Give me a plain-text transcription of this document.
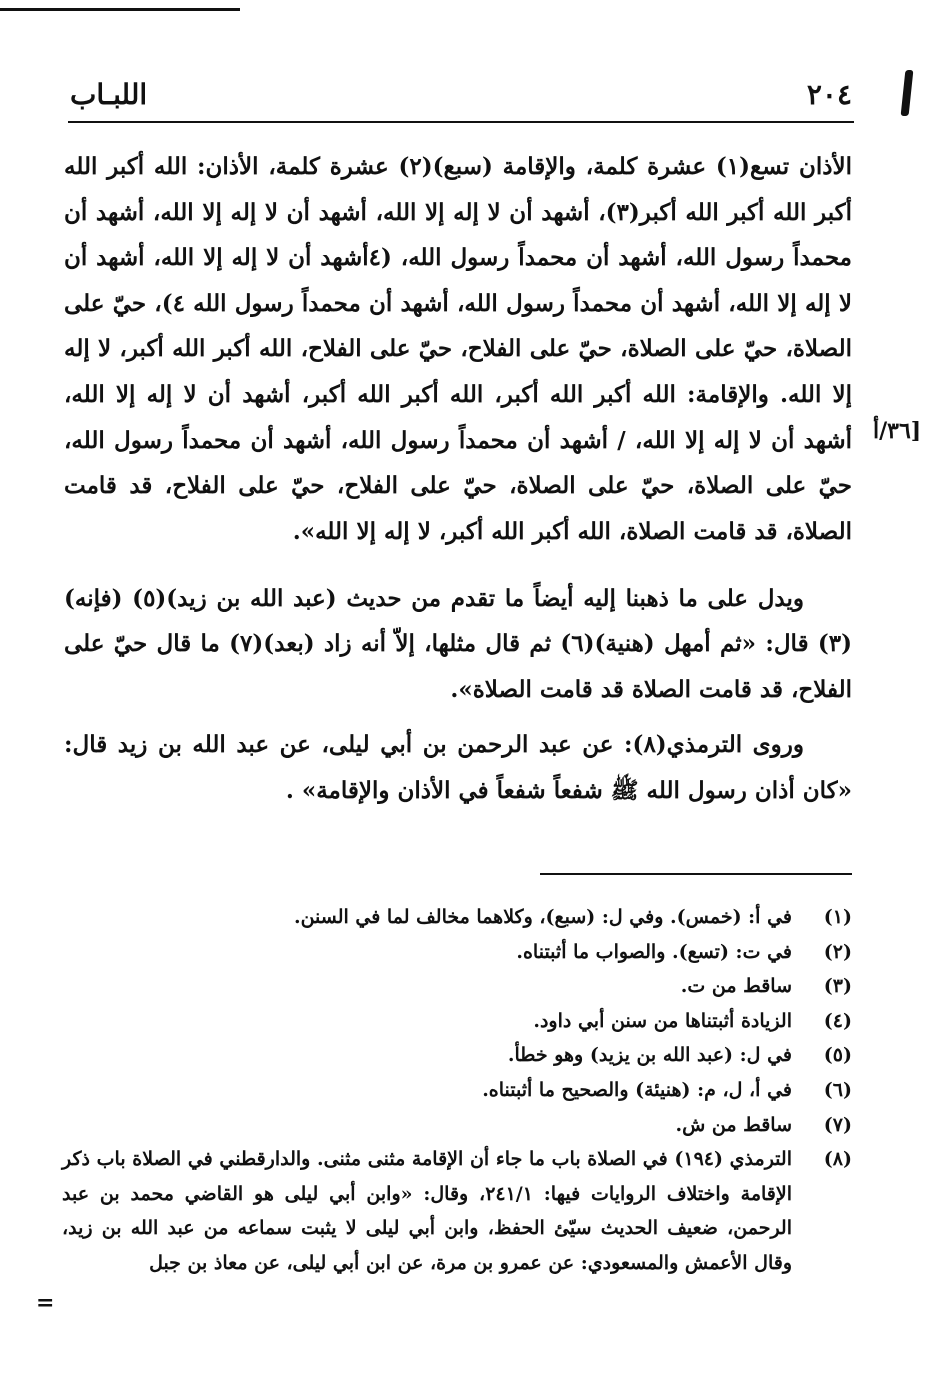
اللبـاب	٢٠٤

الأذان تسع(١) عشرة كلمة، والإقامة (سبع)(٢) عشرة كلمة، الأذان: الله أكبر الله أكبر الله أكبر الله أكبر(٣)، أشهد أن لا إله إلا الله، أشهد أن لا إله إلا الله، أشهد أن محمداً رسول الله، أشهد أن محمداً رسول الله، (٤أشهد أن لا إله إلا الله، أشهد أن لا إله إلا الله، أشهد أن محمداً رسول الله، أشهد أن محمداً رسول الله ٤)، حيّ على الصلاة، حيّ على الصلاة، حيّ على الفلاح، حيّ على الفلاح، الله أكبر الله أكبر، لا إله إلا الله. والإقامة: الله أكبر الله أكبر، الله أكبر الله أكبر، أشهد أن لا إله إلا الله، أشهد أن لا إله إلا الله، / أشهد أن محمداً رسول الله، أشهد أن محمداً رسول الله، حيّ على الصلاة، حيّ على الصلاة، حيّ على الفلاح، حيّ على الفلاح، قد قامت الصلاة، قد قامت الصلاة، الله أكبر الله أكبر، لا إله إلا الله».

٣٦/أ]
ويدل على ما ذهبنا إليه أيضاً ما تقدم من حديث (عبد الله بن زيد)(٥) (فإنه)(٣) قال: «ثم أمهل (هنية)(٦) ثم قال مثلها، إلاّ أنه زاد (بعد)(٧) ما قال حيّ على الفلاح، قد قامت الصلاة قد قامت الصلاة».
وروى الترمذي(٨): عن عبد الرحمن بن أبي ليلى، عن عبد الله بن زيد قال: «كان أذان رسول الله ﷺ شفعاً شفعاً في الأذان والإقامة» .
(١)
في أ: (خمس). وفي ل: (سبع)، وكلاهما مخالف لما في السنن.
(٢)
في ت: (تسع). والصواب ما أثبتناه.
(٣)
ساقط من ت.
(٤)
الزيادة أثبتناها من سنن أبي داود.
(٥)
في ل: (عبد الله بن يزيد) وهو خطأ.
(٦)
في أ، ل، م: (هنيئة) والصحيح ما أثبتناه.
(٧)
ساقط من ش.
(٨)
الترمذي (١٩٤) في الصلاة باب ما جاء أن الإقامة مثنى مثنى. والدارقطني في الصلاة باب ذكر الإقامة واختلاف الروايات فيها: ٢٤١/١، وقال: «وابن أبي ليلى هو القاضي محمد بن عبد الرحمن، ضعيف الحديث سيّئ الحفظ، وابن أبي ليلى لا يثبت سماعه من عبد الله بن زيد، وقال الأعمش والمسعودي: عن عمرو بن مرة، عن ابن أبي ليلى، عن معاذ بن جبل
=
